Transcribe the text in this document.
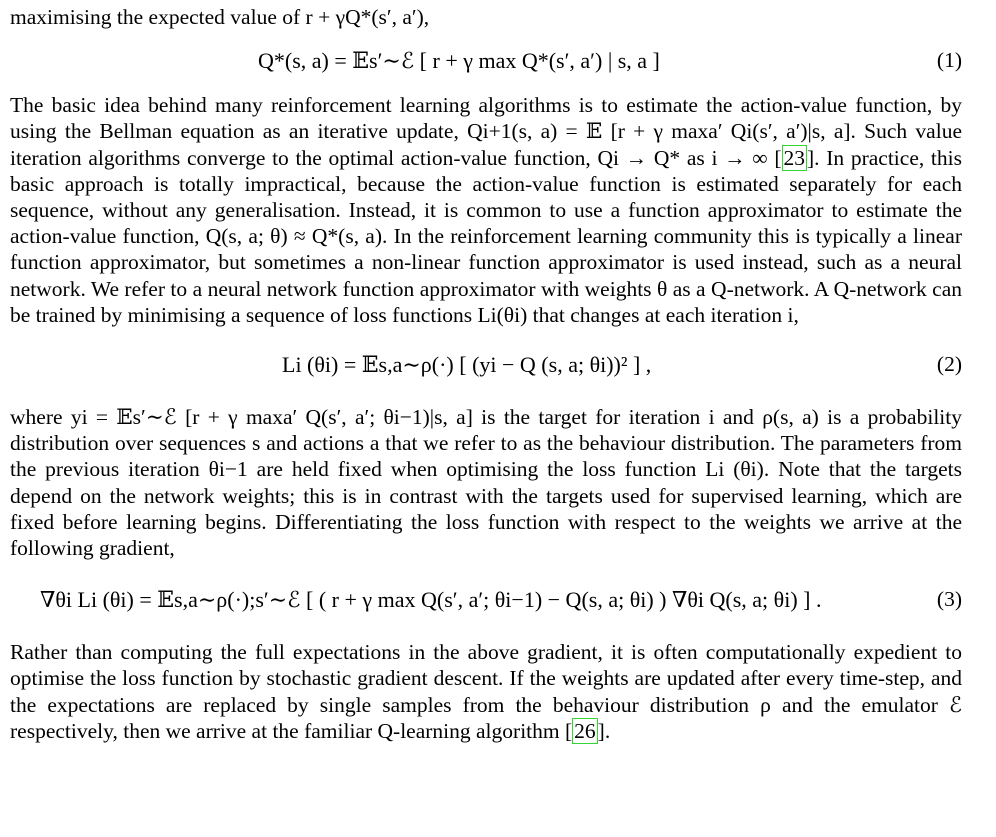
maximising the expected value of r + γQ*(s′, a′),

Q*(s, a) = 𝔼s′∼ℰ [ r + γ max Q*(s′, a′) | s, a ]	(1)

The basic idea behind many reinforcement learning algorithms is to estimate the action-value function, by using the Bellman equation as an iterative update, Qi+1(s, a) = 𝔼 [r + γ maxa′ Qi(s′, a′)|s, a]. Such value iteration algorithms converge to the optimal action-value function, Qi → Q* as i → ∞ [23]. In practice, this basic approach is totally impractical, because the action-value function is estimated separately for each sequence, without any generalisation. Instead, it is common to use a function approximator to estimate the action-value function, Q(s, a; θ) ≈ Q*(s, a). In the reinforcement learning community this is typically a linear function approximator, but sometimes a non-linear function approximator is used instead, such as a neural network. We refer to a neural network function approximator with weights θ as a Q-network. A Q-network can be trained by minimising a sequence of loss functions Li(θi) that changes at each iteration i,

Li (θi) = 𝔼s,a∼ρ(·) [ (yi − Q (s, a; θi))² ] ,	(2)

where yi = 𝔼s′∼ℰ [r + γ maxa′ Q(s′, a′; θi−1)|s, a] is the target for iteration i and ρ(s, a) is a probability distribution over sequences s and actions a that we refer to as the behaviour distribution. The parameters from the previous iteration θi−1 are held fixed when optimising the loss function Li (θi). Note that the targets depend on the network weights; this is in contrast with the targets used for supervised learning, which are fixed before learning begins. Differentiating the loss function with respect to the weights we arrive at the following gradient,

∇θi Li (θi) = 𝔼s,a∼ρ(·);s′∼ℰ [ ( r + γ max Q(s′, a′; θi−1) − Q(s, a; θi) ) ∇θi Q(s, a; θi) ] .	(3)

Rather than computing the full expectations in the above gradient, it is often computationally expedient to optimise the loss function by stochastic gradient descent. If the weights are updated after every time-step, and the expectations are replaced by single samples from the behaviour distribution ρ and the emulator ℰ respectively, then we arrive at the familiar Q-learning algorithm [26].
